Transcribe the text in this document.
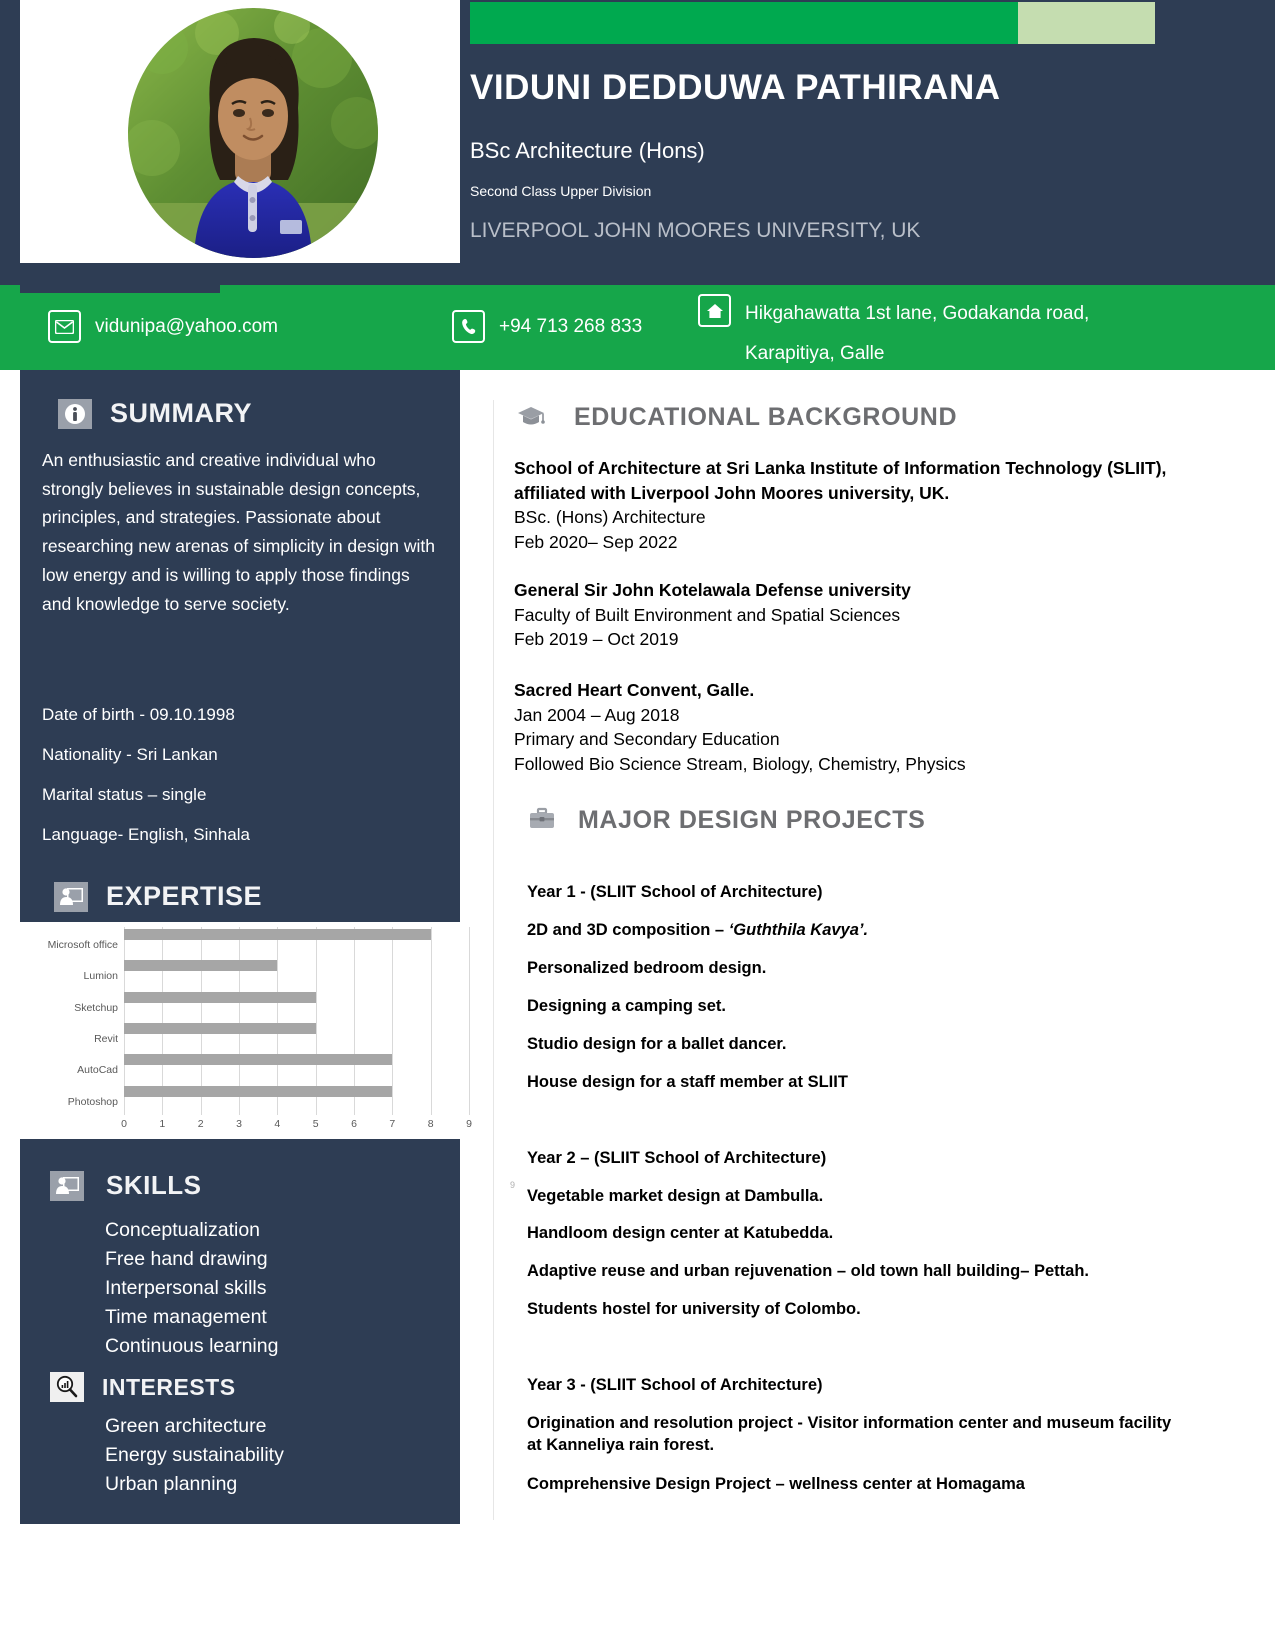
VIDUNI DEDDUWA PATHIRANA
BSc Architecture (Hons)
Second Class Upper Division
LIVERPOOL JOHN MOORES UNIVERSITY, UK
vidunipa@yahoo.com	+94 713 268 833
Hikgahawatta 1st lane, Godakanda road,
Karapitiya, Galle
SUMMARY
An enthusiastic and creative individual who strongly believes in sustainable design concepts, principles, and strategies. Passionate about researching new arenas of simplicity in design with low energy and is willing to apply those findings and knowledge to serve society.
Date of birth - 09.10.1998
Nationality - Sri Lankan
Marital status – single
Language- English, Sinhala
EXPERTISE
Microsoft office
Lumion
Sketchup
Revit
AutoCad
Photoshop
0	1	2	3	4	5	6	7	8	9
SKILLS
Conceptualization
Free hand drawing
Interpersonal skills
Time management
Continuous learning
INTERESTS
Green architecture
Energy sustainability
Urban planning
9
EDUCATIONAL BACKGROUND
School of Architecture at Sri Lanka Institute of Information Technology (SLIIT), affiliated with Liverpool John Moores university, UK.
BSc. (Hons) Architecture
Feb 2020– Sep 2022
General Sir John Kotelawala Defense university
Faculty of Built Environment and Spatial Sciences
Feb 2019 – Oct 2019
Sacred Heart Convent, Galle.
Jan 2004 – Aug 2018
Primary and Secondary Education
Followed Bio Science Stream, Biology, Chemistry, Physics
MAJOR DESIGN PROJECTS
Year 1 - (SLIIT School of Architecture)
2D and 3D composition – ‘Guththila Kavya’.
Personalized bedroom design.
Designing a camping set.
Studio design for a ballet dancer.
House design for a staff member at SLIIT
Year 2 – (SLIIT School of Architecture)
Vegetable market design at Dambulla.
Handloom design center at Katubedda.
Adaptive reuse and urban rejuvenation – old town hall building– Pettah.
Students hostel for university of Colombo.
Year 3 - (SLIIT School of Architecture)
Origination and resolution project - Visitor information center and museum facility at Kanneliya rain forest.
Comprehensive Design Project – wellness center at Homagama
